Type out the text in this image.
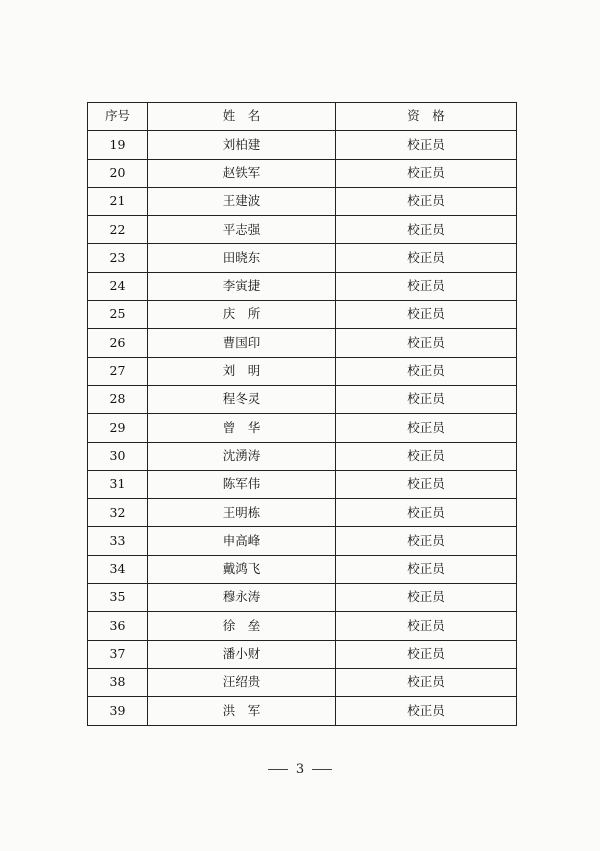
序号	姓　名	资　格
19	刘柏建	校正员
20	赵铁军	校正员
21	王建波	校正员
22	平志强	校正员
23	田晓东	校正员
24	李寅捷	校正员
25	庆　所	校正员
26	曹国印	校正员
27	刘　明	校正员
28	程冬灵	校正员
29	曾　华	校正员
30	沈湧涛	校正员
31	陈军伟	校正员
32	王明栋	校正员
33	申高峰	校正员
34	戴鸿飞	校正员
35	穆永涛	校正员
36	徐　垒	校正员
37	潘小财	校正员
38	汪绍贵	校正员
39	洪　军	校正员
3
